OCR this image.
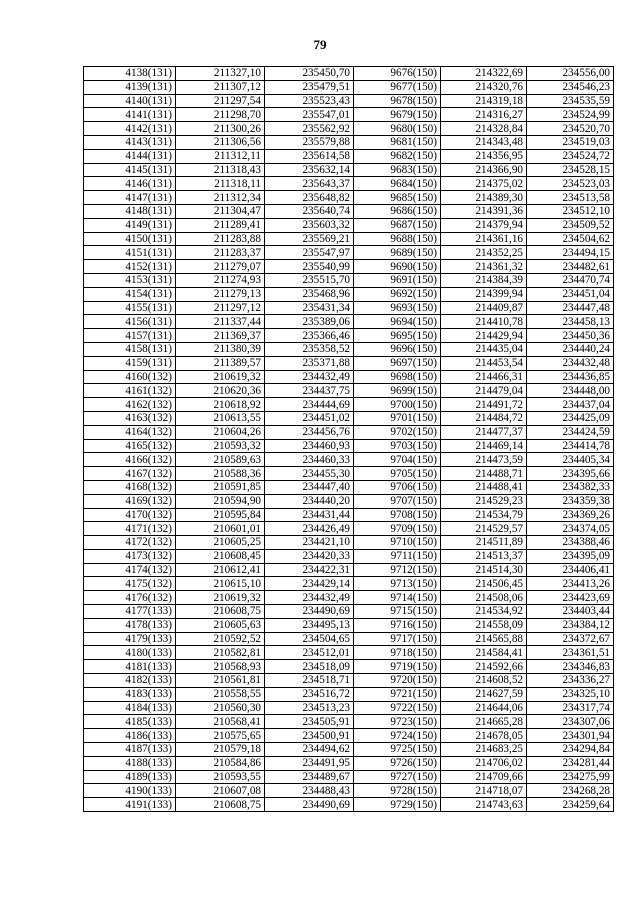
79
4138(131)	211327,10	235450,70	9676(150)	214322,69	234556,00
4139(131)	211307,12	235479,51	9677(150)	214320,76	234546,23
4140(131)	211297,54	235523,43	9678(150)	214319,18	234535,59
4141(131)	211298,70	235547,01	9679(150)	214316,27	234524,99
4142(131)	211300,26	235562,92	9680(150)	214328,84	234520,70
4143(131)	211306,56	235579,88	9681(150)	214343,48	234519,03
4144(131)	211312,11	235614,58	9682(150)	214356,95	234524,72
4145(131)	211318,43	235632,14	9683(150)	214366,90	234528,15
4146(131)	211318,11	235643,37	9684(150)	214375,02	234523,03
4147(131)	211312,34	235648,82	9685(150)	214389,30	234513,58
4148(131)	211304,47	235640,74	9686(150)	214391,36	234512,10
4149(131)	211289,41	235603,32	9687(150)	214379,94	234509,52
4150(131)	211283,88	235569,21	9688(150)	214361,16	234504,62
4151(131)	211283,37	235547,97	9689(150)	214352,25	234494,15
4152(131)	211279,07	235540,99	9690(150)	214361,32	234482,61
4153(131)	211274,93	235515,70	9691(150)	214384,39	234470,74
4154(131)	211279,13	235468,96	9692(150)	214399,94	234451,04
4155(131)	211297,12	235431,34	9693(150)	214409,87	234447,48
4156(131)	211337,44	235389,06	9694(150)	214410,78	234458,13
4157(131)	211369,37	235366,46	9695(150)	214429,94	234450,36
4158(131)	211380,39	235358,52	9696(150)	214435,04	234440,24
4159(131)	211389,57	235371,88	9697(150)	214453,54	234432,48
4160(132)	210619,32	234432,49	9698(150)	214466,31	234436,85
4161(132)	210620,36	234437,75	9699(150)	214479,04	234448,00
4162(132)	210618,92	234444,69	9700(150)	214491,72	234437,04
4163(132)	210613,55	234451,02	9701(150)	214484,72	234425,09
4164(132)	210604,26	234456,76	9702(150)	214477,37	234424,59
4165(132)	210593,32	234460,93	9703(150)	214469,14	234414,78
4166(132)	210589,63	234460,33	9704(150)	214473,59	234405,34
4167(132)	210588,36	234455,30	9705(150)	214488,71	234395,66
4168(132)	210591,85	234447,40	9706(150)	214488,41	234382,33
4169(132)	210594,90	234440,20	9707(150)	214529,23	234359,38
4170(132)	210595,84	234431,44	9708(150)	214534,79	234369,26
4171(132)	210601,01	234426,49	9709(150)	214529,57	234374,05
4172(132)	210605,25	234421,10	9710(150)	214511,89	234388,46
4173(132)	210608,45	234420,33	9711(150)	214513,37	234395,09
4174(132)	210612,41	234422,31	9712(150)	214514,30	234406,41
4175(132)	210615,10	234429,14	9713(150)	214506,45	234413,26
4176(132)	210619,32	234432,49	9714(150)	214508,06	234423,69
4177(133)	210608,75	234490,69	9715(150)	214534,92	234403,44
4178(133)	210605,63	234495,13	9716(150)	214558,09	234384,12
4179(133)	210592,52	234504,65	9717(150)	214565,88	234372,67
4180(133)	210582,81	234512,01	9718(150)	214584,41	234361,51
4181(133)	210568,93	234518,09	9719(150)	214592,66	234346,83
4182(133)	210561,81	234518,71	9720(150)	214608,52	234336,27
4183(133)	210558,55	234516,72	9721(150)	214627,59	234325,10
4184(133)	210560,30	234513,23	9722(150)	214644,06	234317,74
4185(133)	210568,41	234505,91	9723(150)	214665,28	234307,06
4186(133)	210575,65	234500,91	9724(150)	214678,05	234301,94
4187(133)	210579,18	234494,62	9725(150)	214683,25	234294,84
4188(133)	210584,86	234491,95	9726(150)	214706,02	234281,44
4189(133)	210593,55	234489,67	9727(150)	214709,66	234275,99
4190(133)	210607,08	234488,43	9728(150)	214718,07	234268,28
4191(133)	210608,75	234490,69	9729(150)	214743,63	234259,64
